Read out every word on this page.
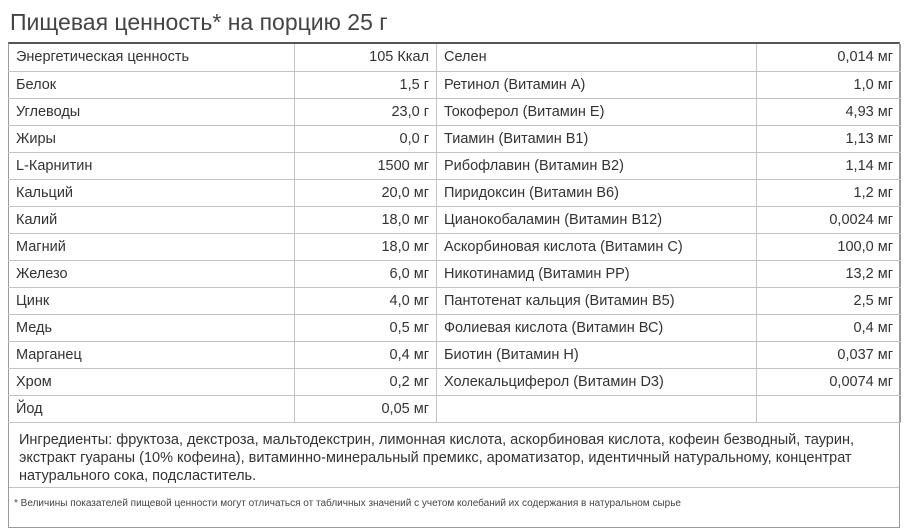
Пищевая ценность* на порцию 25 г
Энергетическая ценность	105 Ккал	Селен	0,014 мг
Белок	1,5 г	Ретинол (Витамин А)	1,0 мг
Углеводы	23,0 г	Токоферол (Витамин Е)	4,93 мг
Жиры	0,0 г	Тиамин (Витамин В1)	1,13 мг
L-Карнитин	1500 мг	Рибофлавин (Витамин В2)	1,14 мг
Кальций	20,0 мг	Пиридоксин (Витамин В6)	1,2 мг
Калий	18,0 мг	Цианокобаламин (Витамин В12)	0,0024 мг
Магний	18,0 мг	Аскорбиновая кислота (Витамин С)	100,0 мг
Железо	6,0 мг	Никотинамид (Витамин РР)	13,2 мг
Цинк	4,0 мг	Пантотенат кальция (Витамин В5)	2,5 мг
Медь	0,5 мг	Фолиевая кислота (Витамин ВС)	0,4 мг
Марганец	0,4 мг	Биотин (Витамин Н)	0,037 мг
Хром	0,2 мг	Холекальциферол (Витамин D3)	0,0074 мг
Йод	0,05 мг		
Ингредиенты: фруктоза, декстроза, мальтодекстрин, лимонная кислота, аскорбиновая кислота, кофеин безводный, таурин, экстракт гуараны (10% кофеина), витаминно-минеральный премикс, ароматизатор, идентичный натуральному, концентрат натурального сока, подсластитель.
* Величины показателей пищевой ценности могут отличаться от табличных значений с учетом колебаний их содержания в натуральном сырье
